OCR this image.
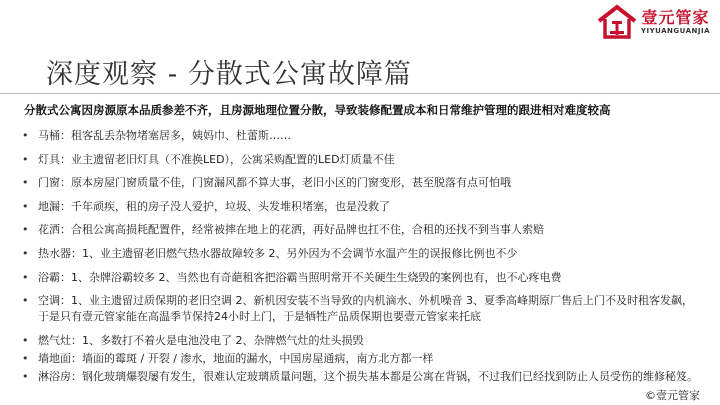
壹元管家
YIYUANGUANJIA
深度观察 - 分散式公寓故障篇
分散式公寓因房源原本品质参差不齐，且房源地理位置分散，导致装修配置成本和日常维护管理的跟进相对难度较高
• 马桶：租客乱丢杂物堵塞居多，姨妈巾、杜蕾斯……
• 灯具：业主遗留老旧灯具（不准换LED），公寓采购配置的LED灯质量不佳
• 门窗：原本房屋门窗质量不佳，门窗漏风都不算大事，老旧小区的门窗变形，甚至脱落有点可怕哦
• 地漏：千年顽疾，租的房子没人爱护，垃圾、头发堆积堵塞，也是没救了
• 花洒：合租公寓高损耗配置件，经常被摔在地上的花洒，再好品牌也扛不住，合租的还找不到当事人索赔
• 热水器：1、业主遗留老旧燃气热水器故障较多 2、另外因为不会调节水温产生的误报修比例也不少
• 浴霸：1、杂牌浴霸较多 2、当然也有奇葩租客把浴霸当照明常开不关硬生生烧毁的案例也有，也不心疼电费
• 空调：1、业主遗留过质保期的老旧空调 2、新机因安装不当导致的内机滴水、外机噪音 3、夏季高峰期原厂售后上门不及时租客发飙，
于是只有壹元管家能在高温季节保持24小时上门，于是牺牲产品质保期也要壹元管家来托底
• 燃气灶：1、多数打不着火是电池没电了 2、杂牌燃气灶的灶头损毁
• 墙地面：墙面的霉斑 / 开裂 / 渗水，地面的漏水，中国房屋通病，南方北方都一样
• 淋浴房：钢化玻璃爆裂屡有发生，很难认定玻璃质量问题，这个损失基本都是公寓在背锅，不过我们已经找到防止人员受伤的维修秘笈。
©壹元管家
